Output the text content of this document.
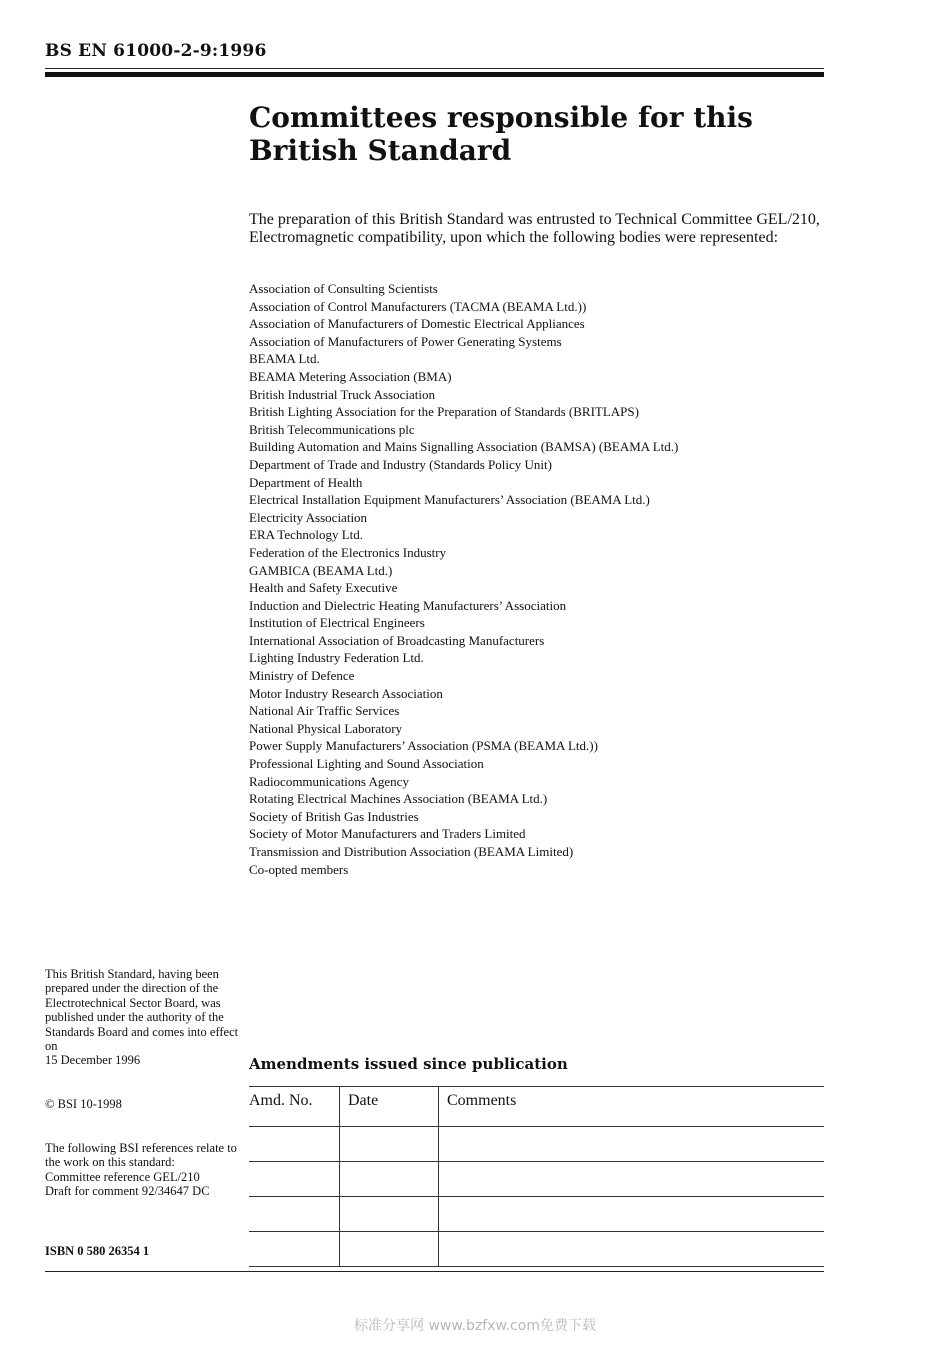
BS EN 61000-2-9:1996
Committees responsible for this British Standard
The preparation of this British Standard was entrusted to Technical Committee GEL/210, Electromagnetic compatibility, upon which the following bodies were represented:
Association of Consulting Scientists
Association of Control Manufacturers (TACMA (BEAMA Ltd.))
Association of Manufacturers of Domestic Electrical Appliances
Association of Manufacturers of Power Generating Systems
BEAMA Ltd.
BEAMA Metering Association (BMA)
British Industrial Truck Association
British Lighting Association for the Preparation of Standards (BRITLAPS)
British Telecommunications plc
Building Automation and Mains Signalling Association (BAMSA) (BEAMA Ltd.)
Department of Trade and Industry (Standards Policy Unit)
Department of Health
Electrical Installation Equipment Manufacturers’ Association (BEAMA Ltd.)
Electricity Association
ERA Technology Ltd.
Federation of the Electronics Industry
GAMBICA (BEAMA Ltd.)
Health and Safety Executive
Induction and Dielectric Heating Manufacturers’ Association
Institution of Electrical Engineers
International Association of Broadcasting Manufacturers
Lighting Industry Federation Ltd.
Ministry of Defence
Motor Industry Research Association
National Air Traffic Services
National Physical Laboratory
Power Supply Manufacturers’ Association (PSMA (BEAMA Ltd.))
Professional Lighting and Sound Association
Radiocommunications Agency
Rotating Electrical Machines Association (BEAMA Ltd.)
Society of British Gas Industries
Society of Motor Manufacturers and Traders Limited
Transmission and Distribution Association (BEAMA Limited)
Co-opted members

This British Standard, having been prepared under the direction of the Electrotechnical Sector Board, was published under the authority of the Standards Board and comes into effect on

15 December 1996

© BSI 10-1998

The following BSI references relate to the work on this standard:

Committee reference GEL/210

Draft for comment 92/34647 DC

ISBN 0 580 26354 1
Amendments issued since publication
Amd. No.	Date	Comments

标准分享网 www.bzfxw.com免费下载
